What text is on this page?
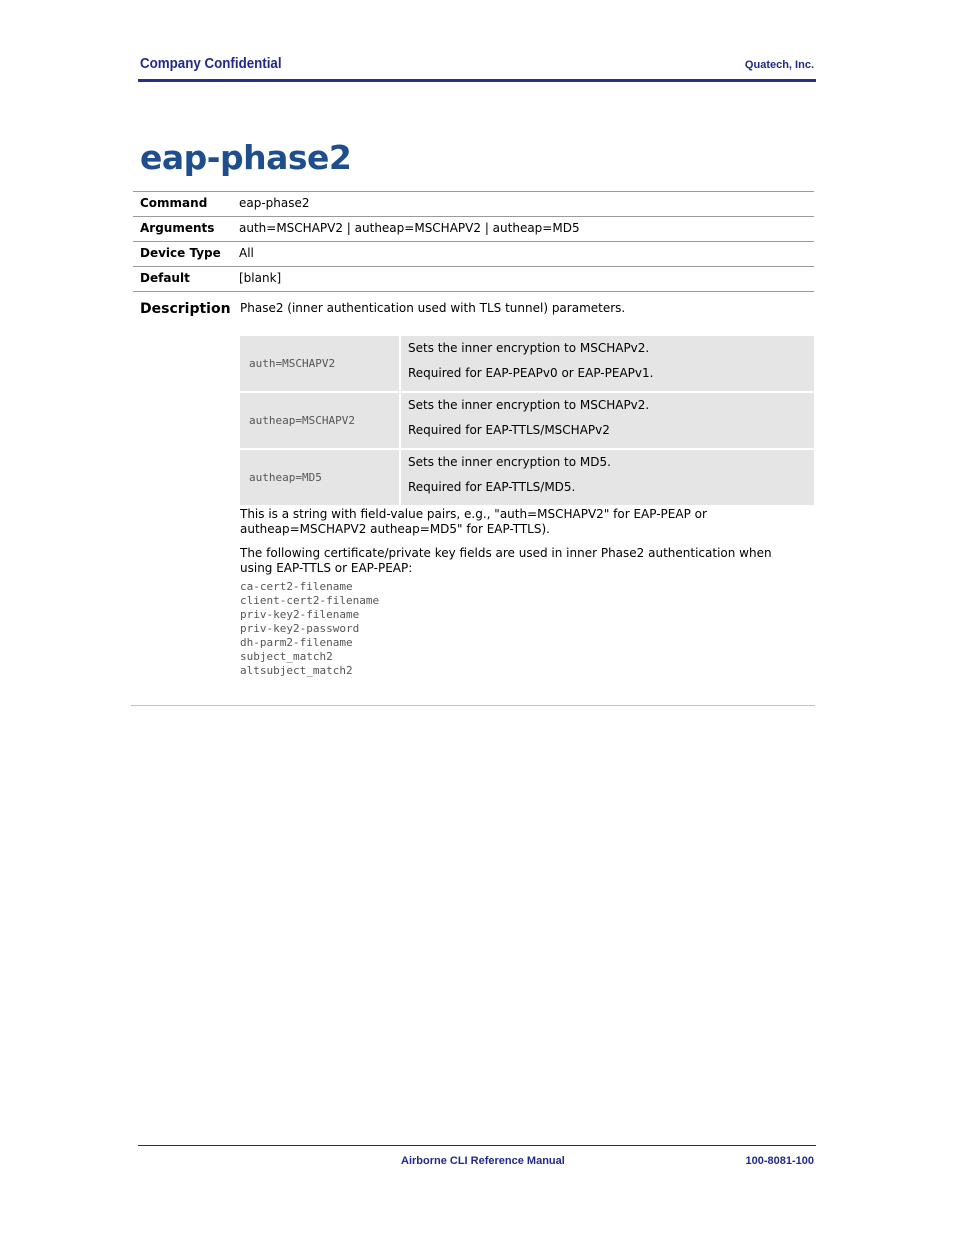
Company Confidential	Quatech, Inc.
eap-phase2
Command	eap-phase2
Arguments	auth=MSCHAPV2 | autheap=MSCHAPV2 | autheap=MD5
Device Type	All
Default	[blank]
Description Phase2 (inner authentication used with TLS tunnel) parameters.
auth=MSCHAPV2	Sets the inner encryption to MSCHAPv2.
Required for EAP-PEAPv0 or EAP-PEAPv1.

autheap=MSCHAPV2	Sets the inner encryption to MSCHAPv2.
Required for EAP-TTLS/MSCHAPv2

autheap=MD5	Sets the inner encryption to MD5.
Required for EAP-TTLS/MD5.
This is a string with field-value pairs, e.g., "auth=MSCHAPV2" for EAP-PEAP or autheap=MSCHAPV2 autheap=MD5" for EAP-TTLS).
The following certificate/private key fields are used in inner Phase2 authentication when using EAP-TTLS or EAP-PEAP:
ca-cert2-filename
client-cert2-filename
priv-key2-filename
priv-key2-password
dh-parm2-filename
subject_match2
altsubject_match2
Airborne CLI Reference Manual	100-8081-100
